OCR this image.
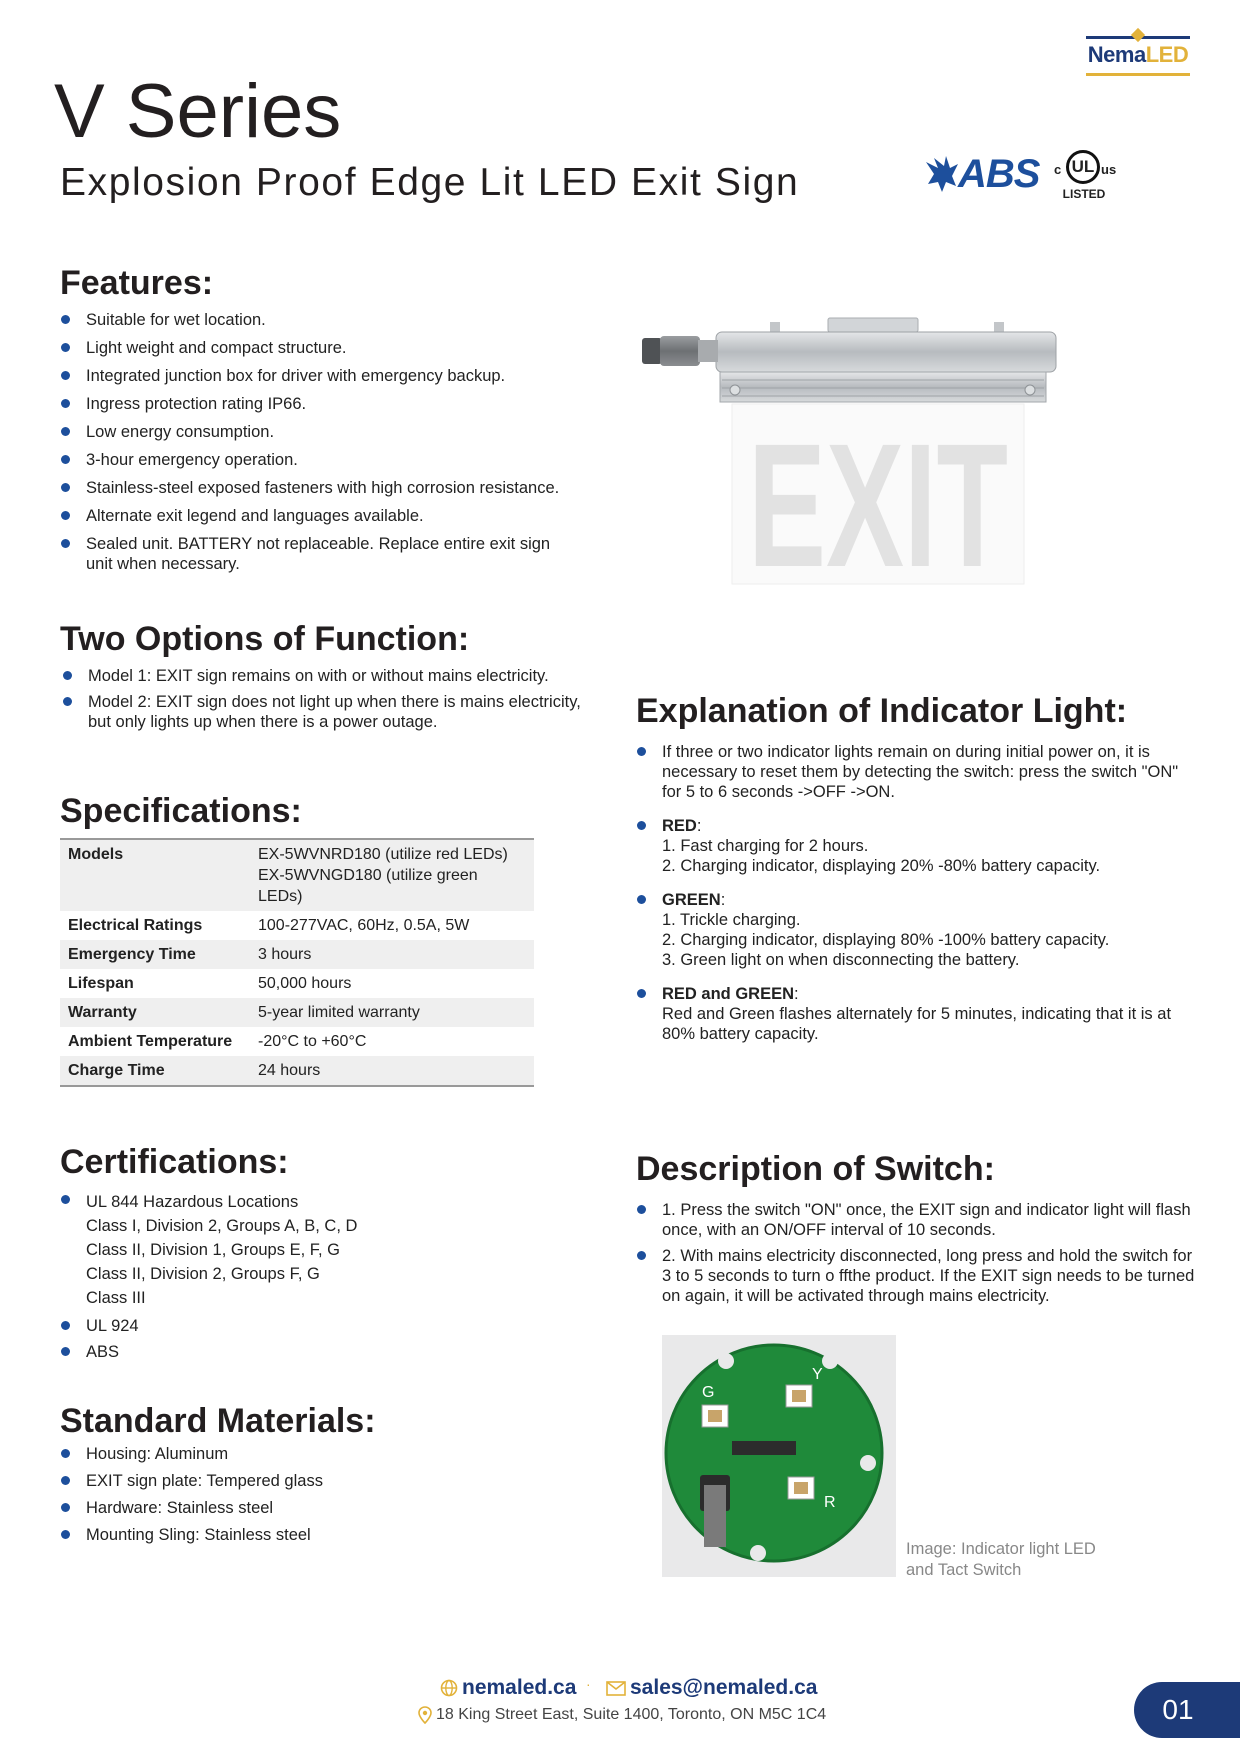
NemaLED
V Series
Explosion Proof Edge Lit LED Exit Sign	ABS c UL us
LISTED
Features:
Suitable for wet location.
Light weight and compact structure.
Integrated junction box for driver with emergency backup.
Ingress protection rating IP66.
Low energy consumption.
3-hour emergency operation.
Stainless-steel exposed fasteners with high corrosion resistance.
Alternate exit legend and languages available.
Sealed unit. BATTERY not replaceable. Replace entire exit sign unit when necessary.	EXIT
Two Options of Function:
Model 1: EXIT sign remains on with or without mains electricity.
Model 2: EXIT sign does not light up when there is mains electricity, but only lights up when there is a power outage.
Specifications:
Models	EX-5WVNRD180 (utilize red LEDs)
EX-5WVNGD180 (utilize green LEDs)
Electrical Ratings	100-277VAC, 60Hz, 0.5A, 5W
Emergency Time	3 hours
Lifespan	50,000 hours
Warranty	5-year limited warranty
Ambient Temperature	-20°C to +60°C
Charge Time	24 hours
Certifications:
UL 844 Hazardous Locations
Class I, Division 2, Groups A, B, C, D
Class II, Division 1, Groups E, F, G
Class II, Division 2, Groups F, G
Class III
UL 924
ABS
Standard Materials:
Housing: Aluminum
EXIT sign plate: Tempered glass
Hardware: Stainless steel
Mounting Sling: Stainless steel
Explanation of Indicator Light:
If three or two indicator lights remain on during initial power on, it is necessary to reset them by detecting the switch: press the switch "ON" for 5 to 6 seconds ->OFF ->ON.
RED:
1. Fast charging for 2 hours.
2. Charging indicator, displaying 20% -80% battery capacity.
GREEN:
1. Trickle charging.
2. Charging indicator, displaying 80% -100% battery capacity.
3. Green light on when disconnecting the battery.
RED and GREEN:
Red and Green flashes alternately for 5 minutes, indicating that it is at 80% battery capacity.
Description of Switch:
1. Press the switch "ON" once, the EXIT sign and indicator light will flash once, with an ON/OFF interval of 10 seconds.
2. With mains electricity disconnected, long press and hold the switch for 3 to 5 seconds to turn o ffthe product. If the EXIT sign needs to be turned on again, it will be activated through mains electricity.
G
Y
R
Image: Indicator light LED and Tact Switch
nemaled.ca ·	sales@nemaled.ca
18 King Street East, Suite 1400, Toronto, ON M5C 1C4	01
